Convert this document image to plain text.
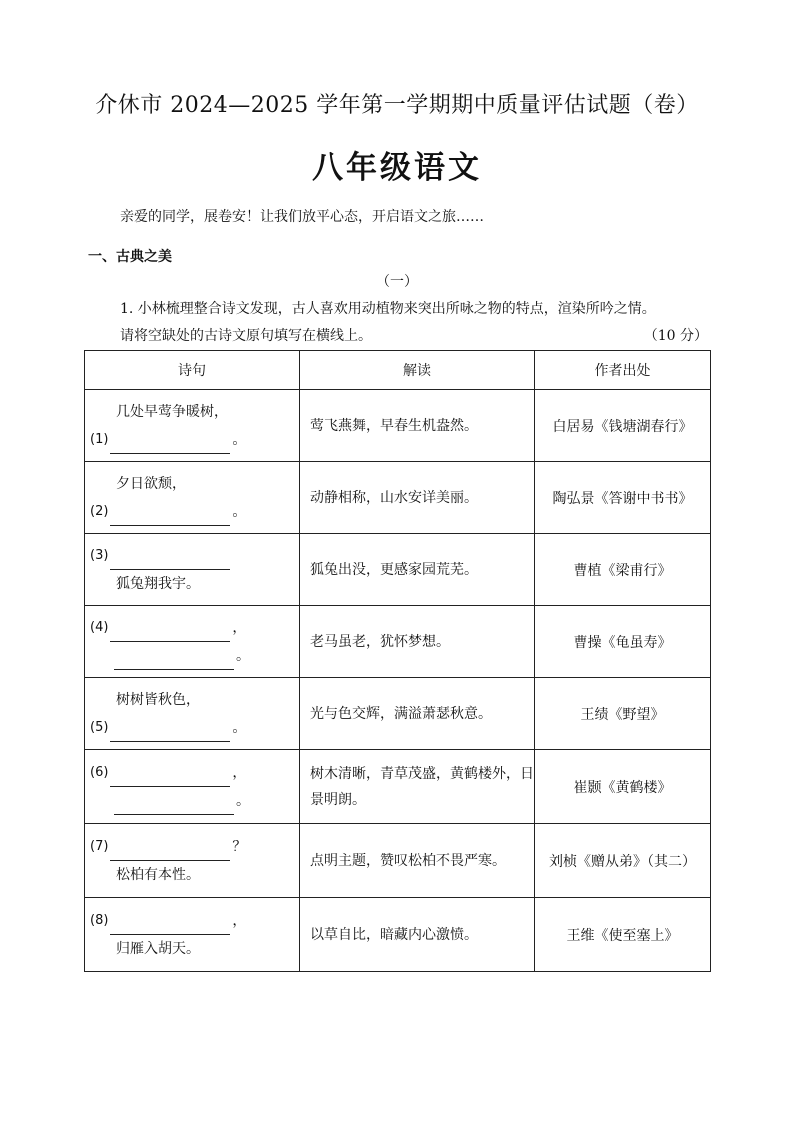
介休市 2024—2025 学年第一学期期中质量评估试题（卷）
八年级语文
亲爱的同学，展卷安！让我们放平心态，开启语文之旅……
一、古典之美
（一）
1. 小林梳理整合诗文发现，古人喜欢用动植物来突出所咏之物的特点，渲染所吟之情。
请将空缺处的古诗文原句填写在横线上。	（10 分）
诗句	解读	作者出处

几处早莺争暖树，
(1) 。	莺飞燕舞，早春生机盎然。	白居易《钱塘湖春行》

夕日欲颓，
(2) 。	动静相称，山水安详美丽。	陶弘景《答谢中书书》

(3)
狐兔翔我宇。	狐兔出没，更感家园荒芜。	曹植《梁甫行》

(4) ，
。	老马虽老，犹怀梦想。	曹操《龟虽寿》

树树皆秋色，
(5) 。	光与色交辉，满溢萧瑟秋意。	王绩《野望》

(6) ，
。	树木清晰，青草茂盛，黄鹤楼外，日景明朗。	崔颢《黄鹤楼》

(7) ？
松柏有本性。	点明主题，赞叹松柏不畏严寒。	刘桢《赠从弟》（其二）

(8) ，
归雁入胡天。	以草自比，暗藏内心激愤。	王维《使至塞上》
